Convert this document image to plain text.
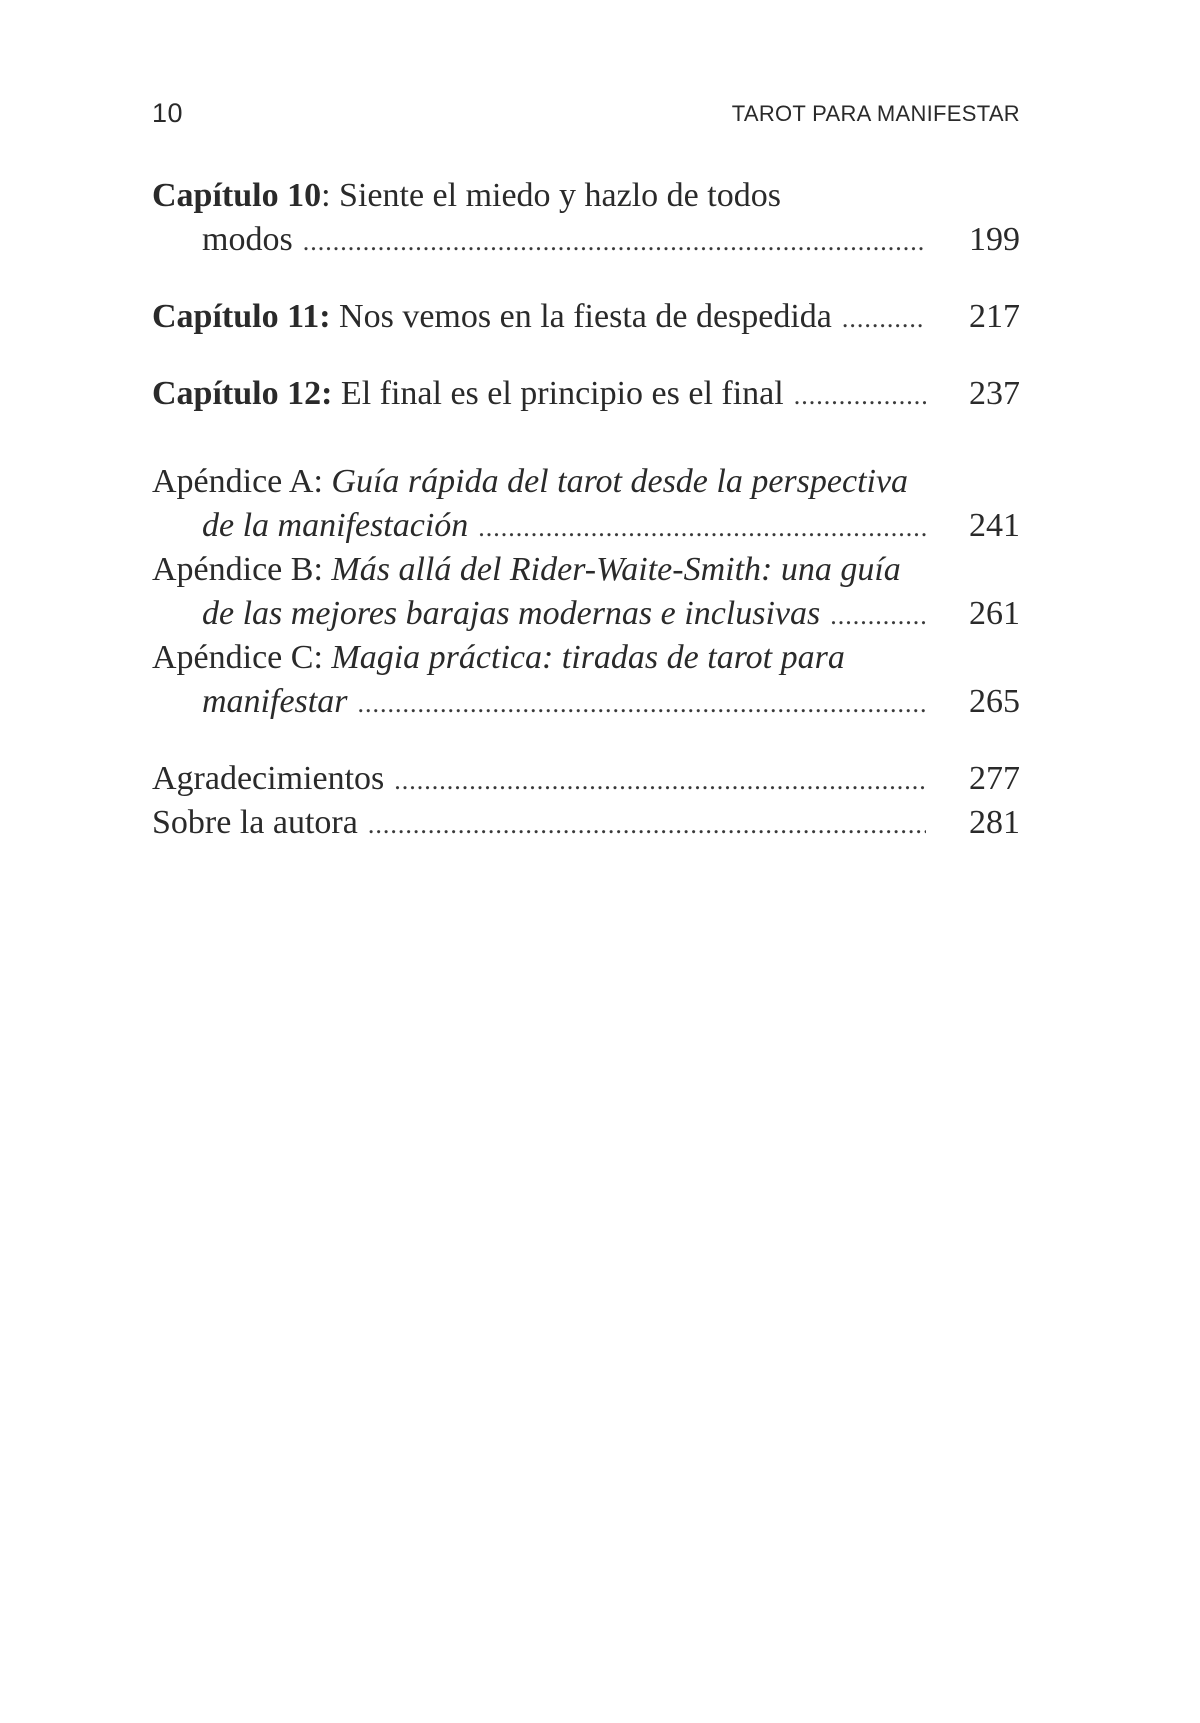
10	TAROT PARA MANIFESTAR
Capítulo 10: Siente el miedo y hazlo de todos
modos .....	199
Capítulo 11: Nos vemos en la fiesta de despedida .....	217
Capítulo 12: El final es el principio es el final .....	237
Apéndice A: Guía rápida del tarot desde la perspectiva
de la manifestación .....	241
Apéndice B: Más allá del Rider-Waite-Smith: una guía
de las mejores barajas modernas e inclusivas .....	261
Apéndice C: Magia práctica: tiradas de tarot para
manifestar .....	265
Agradecimientos .....	277
Sobre la autora .....	281
